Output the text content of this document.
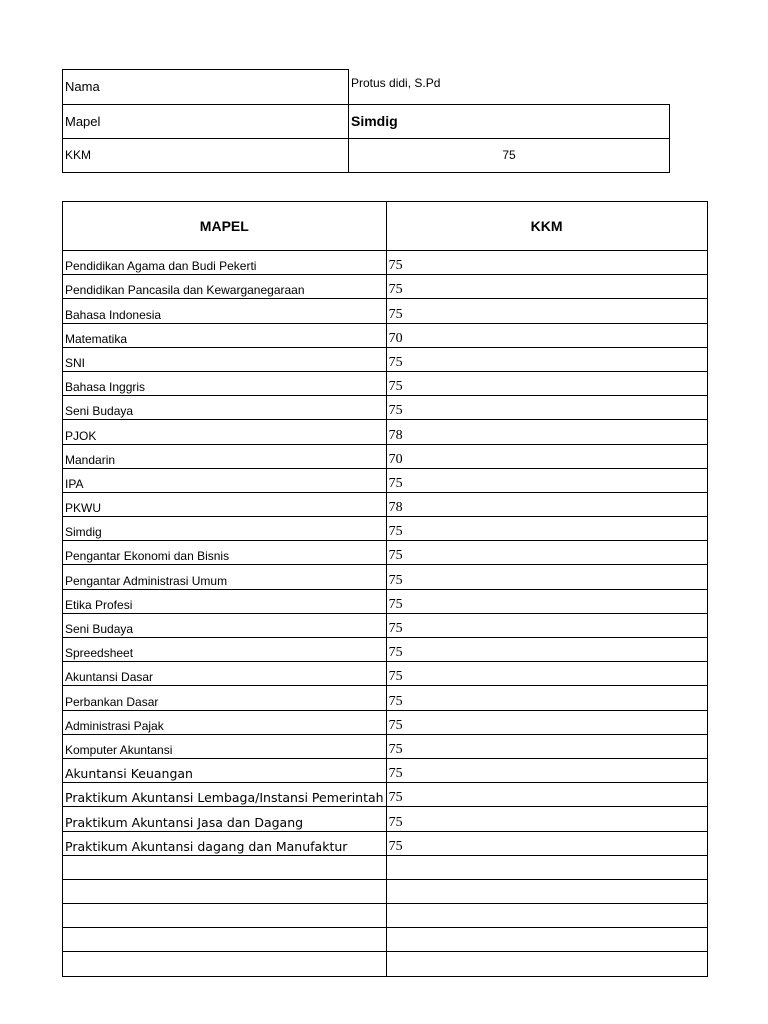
Nama	Protus didi, S.Pd
Mapel	Simdig
KKM	75
MAPEL	KKM
Pendidikan Agama dan Budi Pekerti	75
Pendidikan Pancasila dan Kewarganegaraan	75
Bahasa Indonesia	75
Matematika	70
SNI	75
Bahasa Inggris	75
Seni Budaya	75
PJOK	78
Mandarin	70
IPA	75
PKWU	78
Simdig	75
Pengantar Ekonomi dan Bisnis	75
Pengantar Administrasi Umum	75
Etika Profesi	75
Seni Budaya	75
Spreedsheet	75
Akuntansi Dasar	75
Perbankan Dasar	75
Administrasi Pajak	75
Komputer Akuntansi	75
Akuntansi Keuangan	75
Praktikum Akuntansi Lembaga/Instansi Pemerintah	75
Praktikum Akuntansi Jasa dan Dagang	75
Praktikum Akuntansi dagang dan Manufaktur	75
